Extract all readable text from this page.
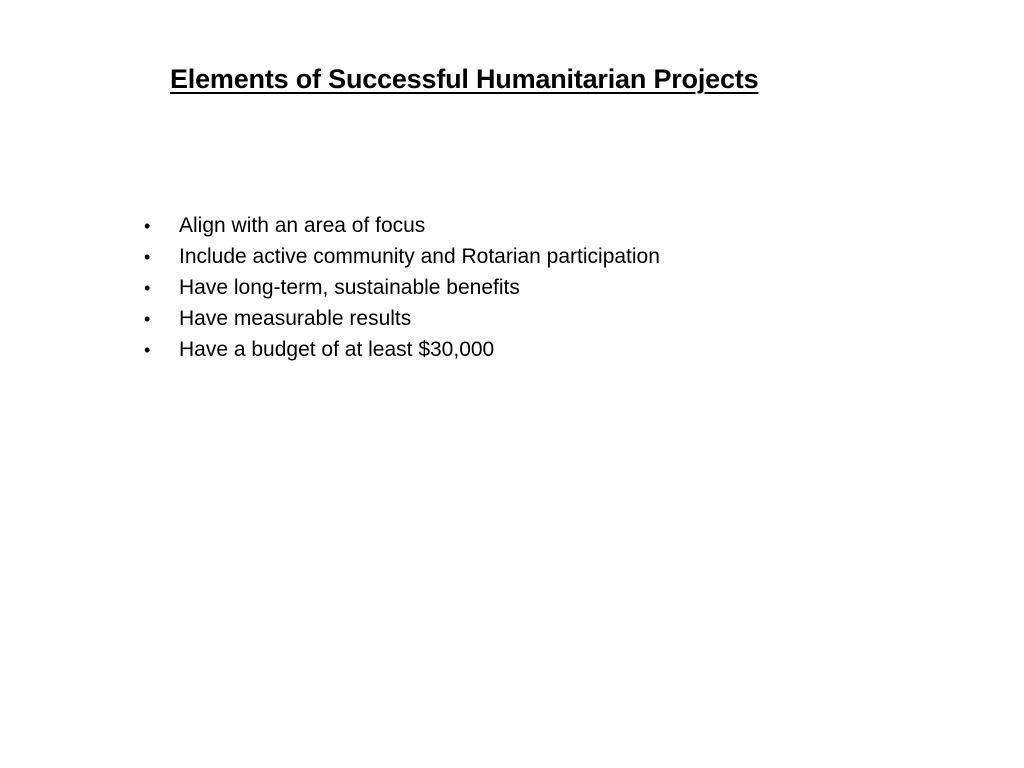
Elements of Successful Humanitarian Projects
•	Align with an area of focus
•	Include active community and Rotarian participation
•	Have long-term, sustainable benefits
•	Have measurable results
•	Have a budget of at least $30,000
